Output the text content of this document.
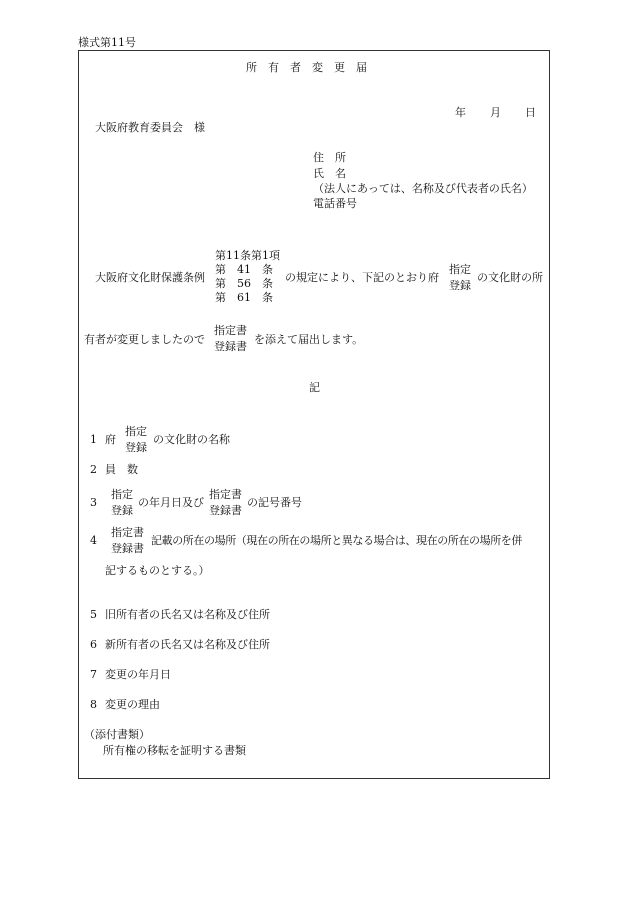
様式第11号
所　有　者　変　更　届
年 月 日
大阪府教育委員会　様
住　所
氏　名
（法人にあっては、名称及び代表者の氏名）
電話番号
大阪府文化財保護条例
第11条第1項
第　41　条
第　56　条
第　61　条
の規定により、下記のとおり府
指定
登録
の文化財の所
有者が変更しましたので
指定書
登録書
を添えて届出します。
記
1 府
指定
登録
の文化財の名称
2 員　数
3
指定
登録
の年月日及び
指定書
登録書
の記号番号
4
指定書
登録書
記載の所在の場所（現在の所在の場所と異なる場合は、現在の所在の場所を併
記するものとする。）
5 旧所有者の氏名又は名称及び住所
6 新所有者の氏名又は名称及び住所
7 変更の年月日
8 変更の理由
（添付書類）
所有権の移転を証明する書類
